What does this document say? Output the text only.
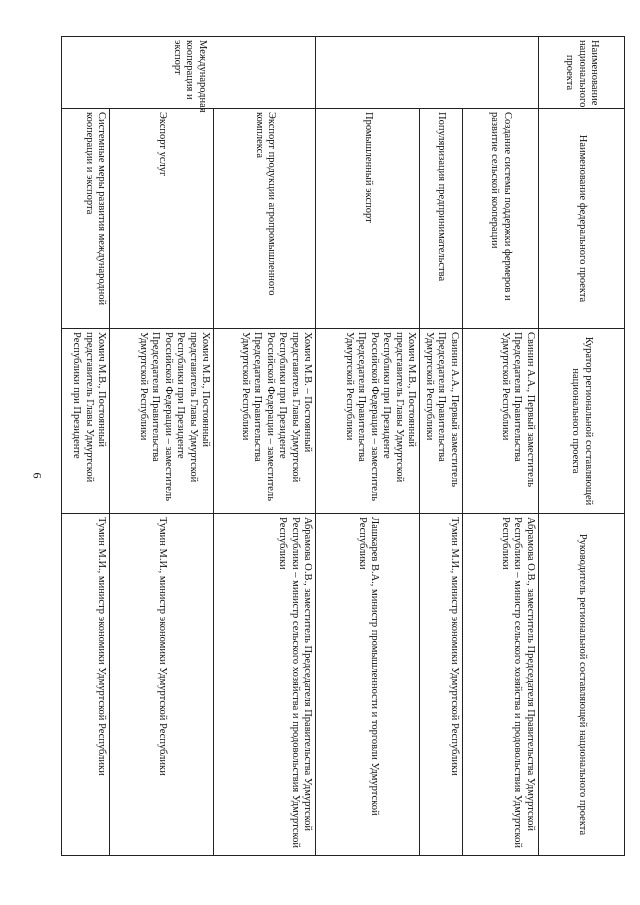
6
Наименование национального проекта	Наименование федерального проекта	Куратор региональной составляющей национального проекта	Руководитель региональной составляющей национального проекта
	Создание системы поддержки фермеров и развитие сельской кооперации	Свинин А.А., Первый заместитель Председателя Правительства Удмуртской Республики	Абрамова О.В., заместитель Председателя Правительства Удмуртской Республики – министр сельского хозяйства и продовольствия Удмуртской Республики
	Популяризация предпринимательства	Свинин А.А., Первый заместитель Председателя Правительства Удмуртской Республики	Тумин М.И., министр экономики Удмуртской Республики
	Промышленный экспорт	Хомич М.В., Постоянный представитель Главы Удмуртской Республики при Президенте Российской Федерации – заместитель Председателя Правительства Удмуртской Республики	Лашкарев В.А., министр промышленности и торговли Удмуртской Республики
Международная кооперация и экспорт	Экспорт продукции агропромышленного комплекса	Хомич М.В. – Постоянный представитель Главы Удмуртской Республики при Президенте Российской Федерации – заместитель Председателя Правительства Удмуртской Республики	Абрамова О.В., заместитель Председателя Правительства Удмуртской Республики – министр сельского хозяйства и продовольствия Удмуртской Республики
	Экспорт услуг	Хомич М.В., Постоянный представитель Главы Удмуртской Республики при Президенте Российской Федерации – заместитель Председателя Правительства Удмуртской Республики	Тумин М.И., министр экономики Удмуртской Республики
	Системные меры развития международной кооперации и экспорта	Хомич М.В., Постоянный представитель Главы Удмуртской Республики при Президенте	Тумин М.И., министр экономики Удмуртской Республики
